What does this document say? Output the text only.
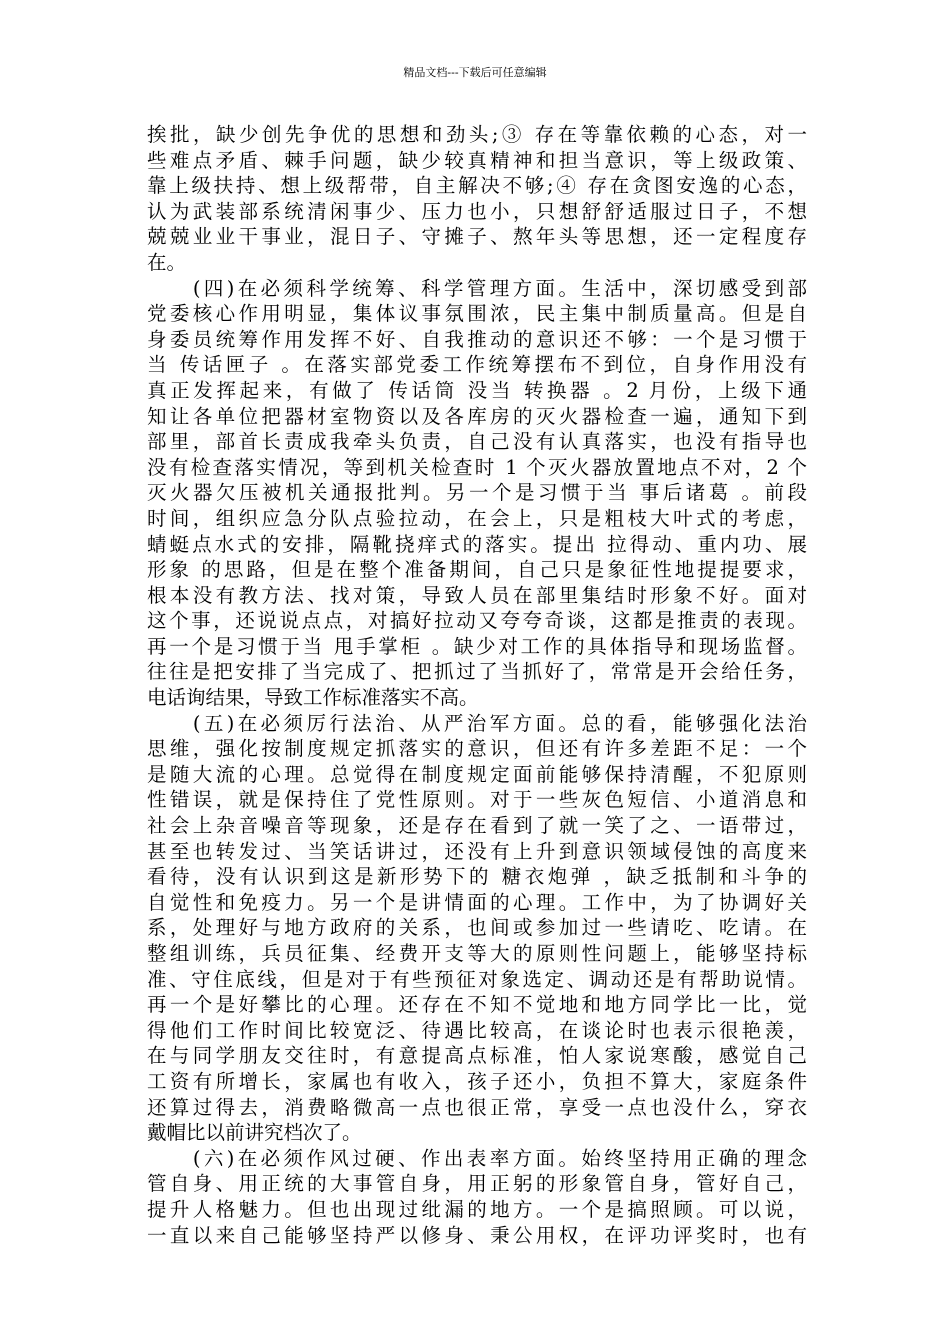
精品文档---下载后可任意编辑
挨批，缺少创先争优的思想和劲头;③ 存在等靠依赖的心态，对一
些难点矛盾、棘手问题，缺少较真精神和担当意识，等上级政策、
靠上级扶持、想上级帮带，自主解决不够;④ 存在贪图安逸的心态，
认为武装部系统清闲事少、压力也小，只想舒舒适服过日子，不想
兢兢业业干事业，混日子、守摊子、熬年头等思想，还一定程度存
在。
　　(四)在必须科学统筹、科学管理方面。生活中，深切感受到部
党委核心作用明显，集体议事氛围浓，民主集中制质量高。但是自
身委员统筹作用发挥不好、自我推动的意识还不够：一个是习惯于
当 传话匣子 。在落实部党委工作统筹摆布不到位，自身作用没有
真正发挥起来，有做了 传话筒 没当 转换器 。2 月份，上级下通
知让各单位把器材室物资以及各库房的灭火器检查一遍，通知下到
部里，部首长责成我牵头负责，自己没有认真落实，也没有指导也
没有检查落实情况，等到机关检查时 1 个灭火器放置地点不对，2 个
灭火器欠压被机关通报批判。另一个是习惯于当 事后诸葛 。前段
时间，组织应急分队点验拉动，在会上，只是粗枝大叶式的考虑，
蜻蜓点水式的安排，隔靴挠痒式的落实。提出 拉得动、重内功、展
形象 的思路，但是在整个准备期间，自己只是象征性地提提要求，
根本没有教方法、找对策，导致人员在部里集结时形象不好。面对
这个事，还说说点点，对搞好拉动又夸夸奇谈，这都是推责的表现。
再一个是习惯于当 甩手掌柜 。缺少对工作的具体指导和现场监督。
往往是把安排了当完成了、把抓过了当抓好了，常常是开会给任务，
电话询结果，导致工作标准落实不高。
　　(五)在必须厉行法治、从严治军方面。总的看，能够强化法治
思维，强化按制度规定抓落实的意识，但还有许多差距不足：一个
是随大流的心理。总觉得在制度规定面前能够保持清醒，不犯原则
性错误，就是保持住了党性原则。对于一些灰色短信、小道消息和
社会上杂音噪音等现象，还是存在看到了就一笑了之、一语带过，
甚至也转发过、当笑话讲过，还没有上升到意识领域侵蚀的高度来
看待，没有认识到这是新形势下的 糖衣炮弹 ，缺乏抵制和斗争的
自觉性和免疫力。另一个是讲情面的心理。工作中，为了协调好关
系，处理好与地方政府的关系，也间或参加过一些请吃、吃请。在
整组训练，兵员征集、经费开支等大的原则性问题上，能够坚持标
准、守住底线，但是对于有些预征对象选定、调动还是有帮助说情。
再一个是好攀比的心理。还存在不知不觉地和地方同学比一比，觉
得他们工作时间比较宽泛、待遇比较高，在谈论时也表示很艳羡，
在与同学朋友交往时，有意提高点标准，怕人家说寒酸，感觉自己
工资有所增长，家属也有收入，孩子还小，负担不算大，家庭条件
还算过得去，消费略微高一点也很正常，享受一点也没什么，穿衣
戴帽比以前讲究档次了。
　　(六)在必须作风过硬、作出表率方面。始终坚持用正确的理念
管自身、用正统的大事管自身，用正躬的形象管自身，管好自己，
提升人格魅力。但也出现过纰漏的地方。一个是搞照顾。可以说，
一直以来自己能够坚持严以修身、秉公用权，在评功评奖时，也有
